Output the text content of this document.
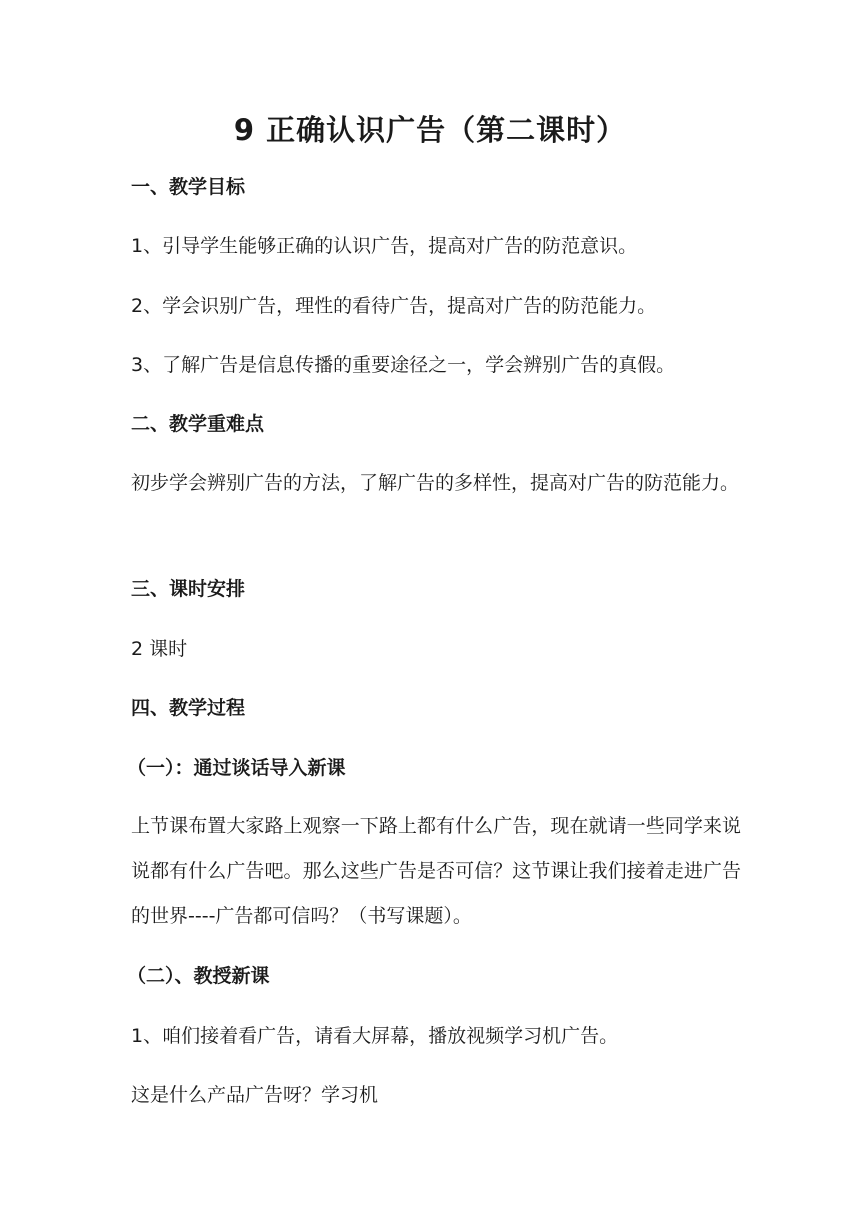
9 正确认识广告（第二课时）
一、教学目标
1、引导学生能够正确的认识广告，提高对广告的防范意识。
2、学会识别广告，理性的看待广告，提高对广告的防范能力。
3、了解广告是信息传播的重要途径之一，学会辨别广告的真假。
二、教学重难点
初步学会辨别广告的方法，了解广告的多样性，提高对广告的防范能力。
三、课时安排
2 课时
四、教学过程
（一）：通过谈话导入新课
上节课布置大家路上观察一下路上都有什么广告，现在就请一些同学来说说都有什么广告吧。那么这些广告是否可信？这节课让我们接着走进广告的世界----广告都可信吗？（书写课题）。
（二）、教授新课
1、咱们接着看广告，请看大屏幕，播放视频学习机广告。
这是什么产品广告呀？学习机
